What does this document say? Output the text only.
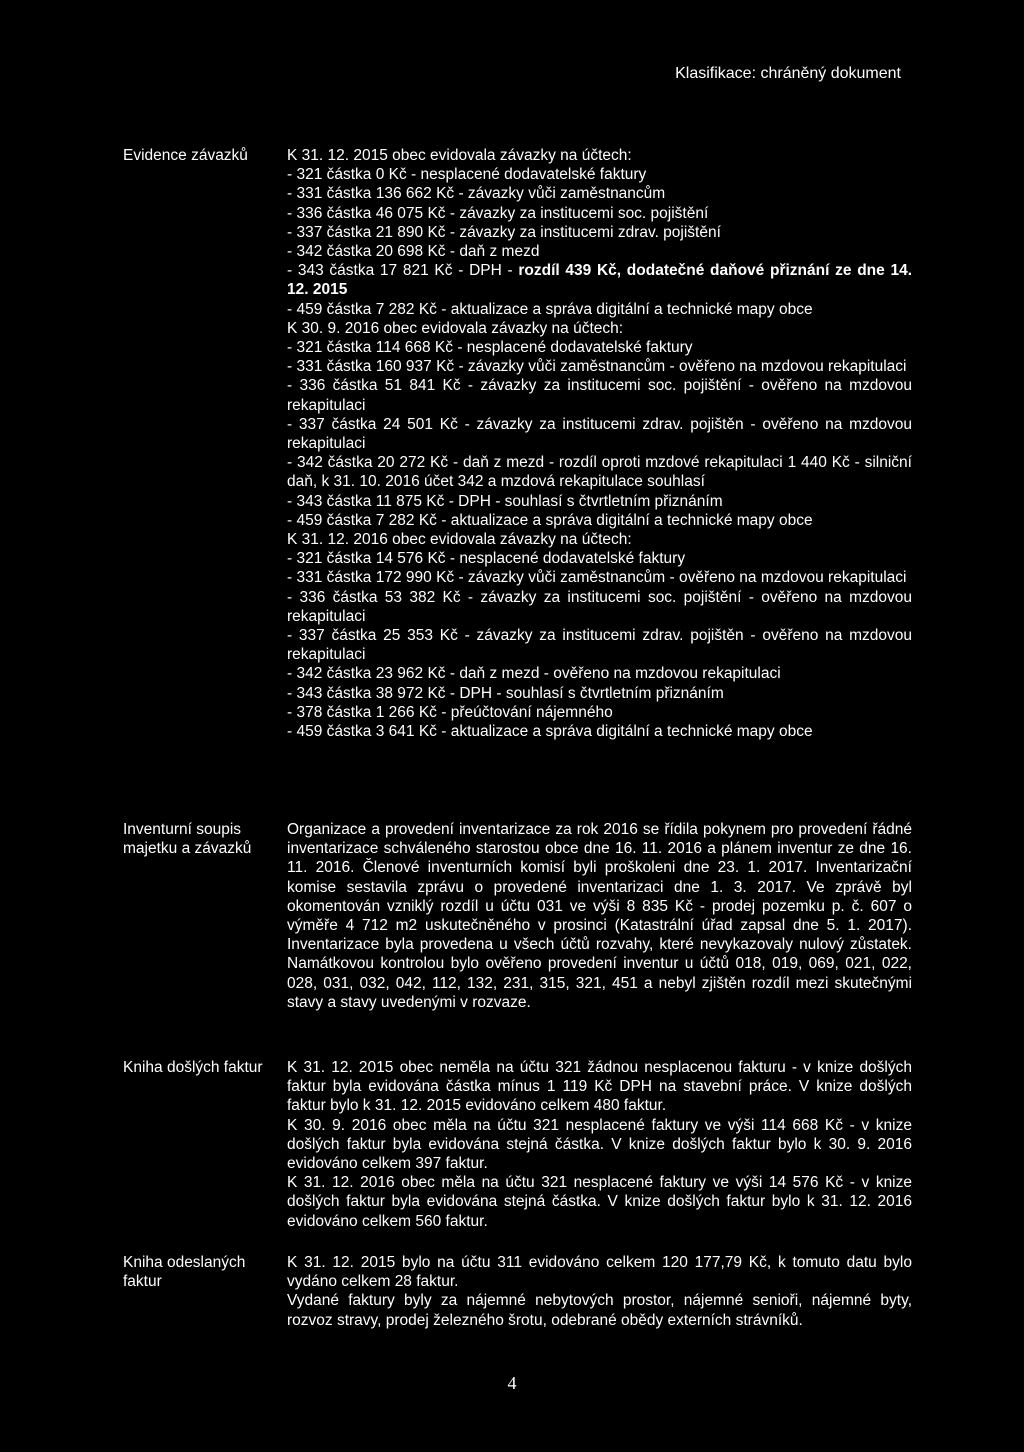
Klasifikace: chráněný dokument
Evidence závazků	K 31. 12. 2015 obec evidovala závazky na účtech:
- 321 částka 0 Kč - nesplacené dodavatelské faktury
- 331 částka 136 662 Kč - závazky vůči zaměstnancům
- 336 částka 46 075 Kč - závazky za institucemi soc. pojištění
- 337 částka 21 890 Kč - závazky za institucemi zdrav. pojištění
- 342 částka 20 698 Kč - daň z mezd
- 343 částka 17 821 Kč - DPH - rozdíl 439 Kč, dodatečné daňové přiznání ze dne 14. 12. 2015
- 459 částka 7 282 Kč - aktualizace a správa digitální a technické mapy obce
K 30. 9. 2016 obec evidovala závazky na účtech:
- 321 částka 114 668 Kč - nesplacené dodavatelské faktury
- 331 částka 160 937 Kč - závazky vůči zaměstnancům - ověřeno na mzdovou rekapitulaci
- 336 částka 51 841 Kč - závazky za institucemi soc. pojištění - ověřeno na mzdovou rekapitulaci
- 337 částka 24 501 Kč - závazky za institucemi zdrav. pojištěn - ověřeno na mzdovou rekapitulaci
- 342 částka 20 272 Kč - daň z mezd - rozdíl oproti mzdové rekapitulaci 1 440 Kč - silniční daň, k 31. 10. 2016 účet 342 a mzdová rekapitulace souhlasí
- 343 částka 11 875 Kč - DPH - souhlasí s čtvrtletním přiznáním
- 459 částka 7 282 Kč - aktualizace a správa digitální a technické mapy obce
K 31. 12. 2016 obec evidovala závazky na účtech:
- 321 částka 14 576 Kč - nesplacené dodavatelské faktury
- 331 částka 172 990 Kč - závazky vůči zaměstnancům - ověřeno na mzdovou rekapitulaci
- 336 částka 53 382 Kč - závazky za institucemi soc. pojištění - ověřeno na mzdovou rekapitulaci
- 337 částka 25 353 Kč - závazky za institucemi zdrav. pojištěn - ověřeno na mzdovou rekapitulaci
- 342 částka 23 962 Kč - daň z mezd - ověřeno na mzdovou rekapitulaci
- 343 částka 38 972 Kč - DPH - souhlasí s čtvrtletním přiznáním
- 378 částka 1 266 Kč - přeúčtování nájemného
- 459 částka 3 641 Kč - aktualizace a správa digitální a technické mapy obce
Inventurní soupis majetku a závazků
Organizace a provedení inventarizace za rok 2016 se řídila pokynem pro provedení řádné inventarizace schváleného starostou obce dne 16. 11. 2016 a plánem inventur ze dne 16. 11. 2016. Členové inventurních komisí byli proškoleni dne 23. 1. 2017. Inventarizační komise sestavila zprávu o provedené inventarizaci dne 1. 3. 2017. Ve zprávě byl okomentován vzniklý rozdíl u účtu 031 ve výši 8 835 Kč - prodej pozemku p. č. 607 o výměře 4 712 m2 uskutečněného v prosinci (Katastrální úřad zapsal dne 5. 1. 2017). Inventarizace byla provedena u všech účtů rozvahy, které nevykazovaly nulový zůstatek. Namátkovou kontrolou bylo ověřeno provedení inventur u účtů 018, 019, 069, 021, 022, 028, 031, 032, 042, 112, 132, 231, 315, 321, 451 a nebyl zjištěn rozdíl mezi skutečnými stavy a stavy uvedenými v rozvaze.
Kniha došlých faktur	K 31. 12. 2015 obec neměla na účtu 321 žádnou nesplacenou fakturu - v knize došlých faktur byla evidována částka mínus 1 119 Kč DPH na stavební práce. V knize došlých faktur bylo k 31. 12. 2015 evidováno celkem 480 faktur.
K 30. 9. 2016 obec měla na účtu 321 nesplacené faktury ve výši 114 668 Kč - v knize došlých faktur byla evidována stejná částka. V knize došlých faktur bylo k 30. 9. 2016 evidováno celkem 397 faktur.
K 31. 12. 2016 obec měla na účtu 321 nesplacené faktury ve výši 14 576 Kč - v knize došlých faktur byla evidována stejná částka. V knize došlých faktur bylo k 31. 12. 2016 evidováno celkem 560 faktur.
Kniha odeslaných faktur
K 31. 12. 2015 bylo na účtu 311 evidováno celkem 120 177,79 Kč, k tomuto datu bylo vydáno celkem 28 faktur.
Vydané faktury byly za nájemné nebytových prostor, nájemné senioři, nájemné byty, rozvoz stravy, prodej železného šrotu, odebrané obědy externích strávníků.
4
